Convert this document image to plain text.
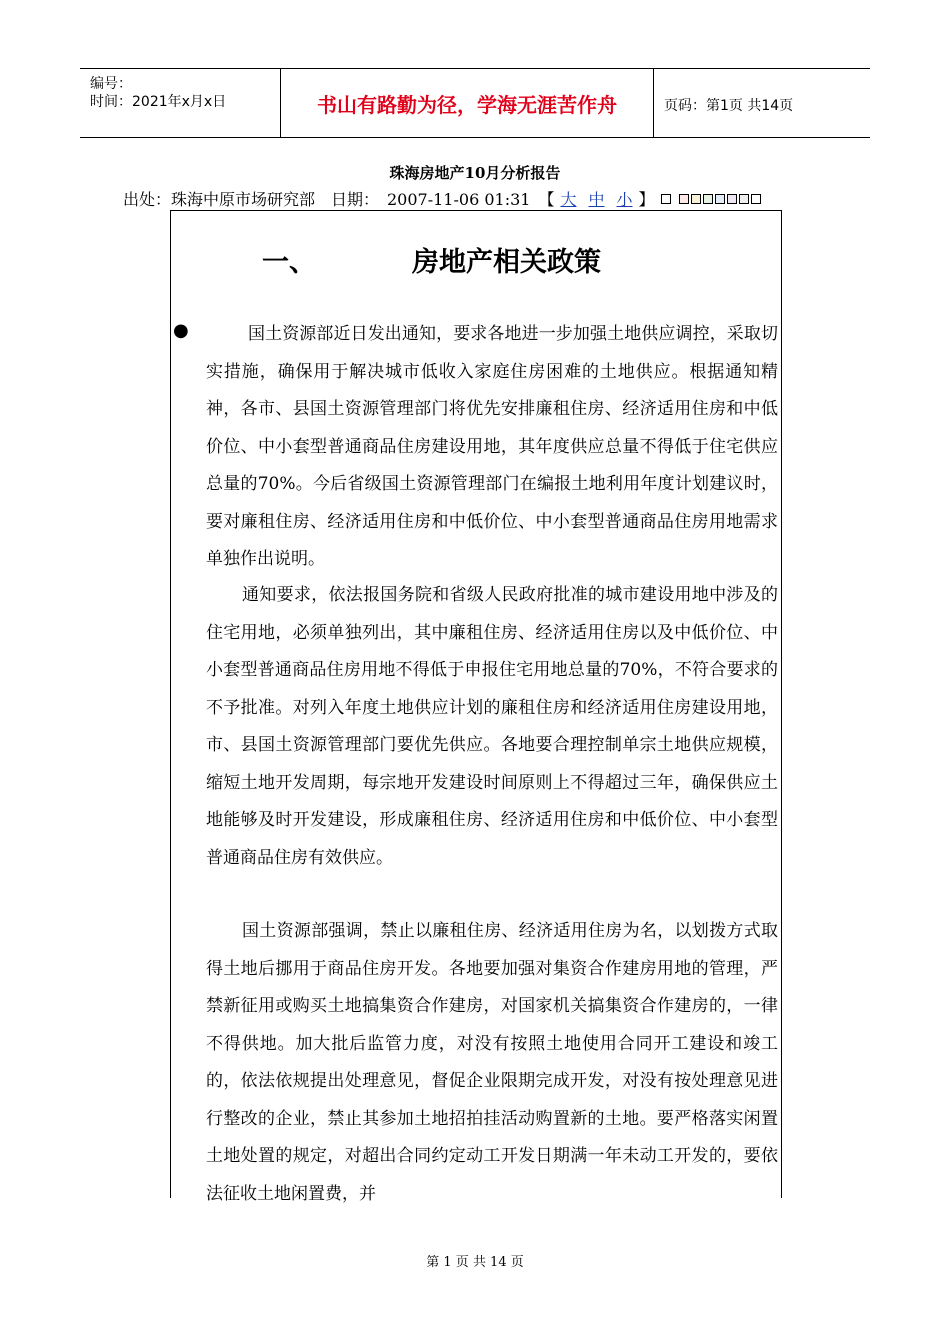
编号：
时间：2021年x月x日	书山有路勤为径，学海无涯苦作舟	页码：第1页 共14页
珠海房地产10月分析报告
出处：珠海中原市场研究部　日期：　2007-11-06 01:31　【 大 中 小 】
一、	房地产相关政策
●	国土资源部近日发出通知，要求各地进一步加强土地供应调控，采取切实措施，确保用于解决城市低收入家庭住房困难的土地供应。根据通知精神，各市、县国土资源管理部门将优先安排廉租住房、经济适用住房和中低价位、中小套型普通商品住房建设用地，其年度供应总量不得低于住宅供应总量的70%。今后省级国土资源管理部门在编报土地利用年度计划建议时，要对廉租住房、经济适用住房和中低价位、中小套型普通商品住房用地需求单独作出说明。

通知要求，依法报国务院和省级人民政府批准的城市建设用地中涉及的住宅用地，必须单独列出，其中廉租住房、经济适用住房以及中低价位、中小套型普通商品住房用地不得低于申报住宅用地总量的70%，不符合要求的不予批准。对列入年度土地供应计划的廉租住房和经济适用住房建设用地，市、县国土资源管理部门要优先供应。各地要合理控制单宗土地供应规模，缩短土地开发周期，每宗地开发建设时间原则上不得超过三年，确保供应土地能够及时开发建设，形成廉租住房、经济适用住房和中低价位、中小套型普通商品住房有效供应。

国土资源部强调，禁止以廉租住房、经济适用住房为名，以划拨方式取得土地后挪用于商品住房开发。各地要加强对集资合作建房用地的管理，严禁新征用或购买土地搞集资合作建房，对国家机关搞集资合作建房的，一律不得供地。加大批后监管力度，对没有按照土地使用合同开工建设和竣工的，依法依规提出处理意见，督促企业限期完成开发，对没有按处理意见进行整改的企业，禁止其参加土地招拍挂活动购置新的土地。要严格落实闲置土地处置的规定，对超出合同约定动工开发日期满一年未动工开发的，要依法征收土地闲置费，并

第 1 页 共 14 页
